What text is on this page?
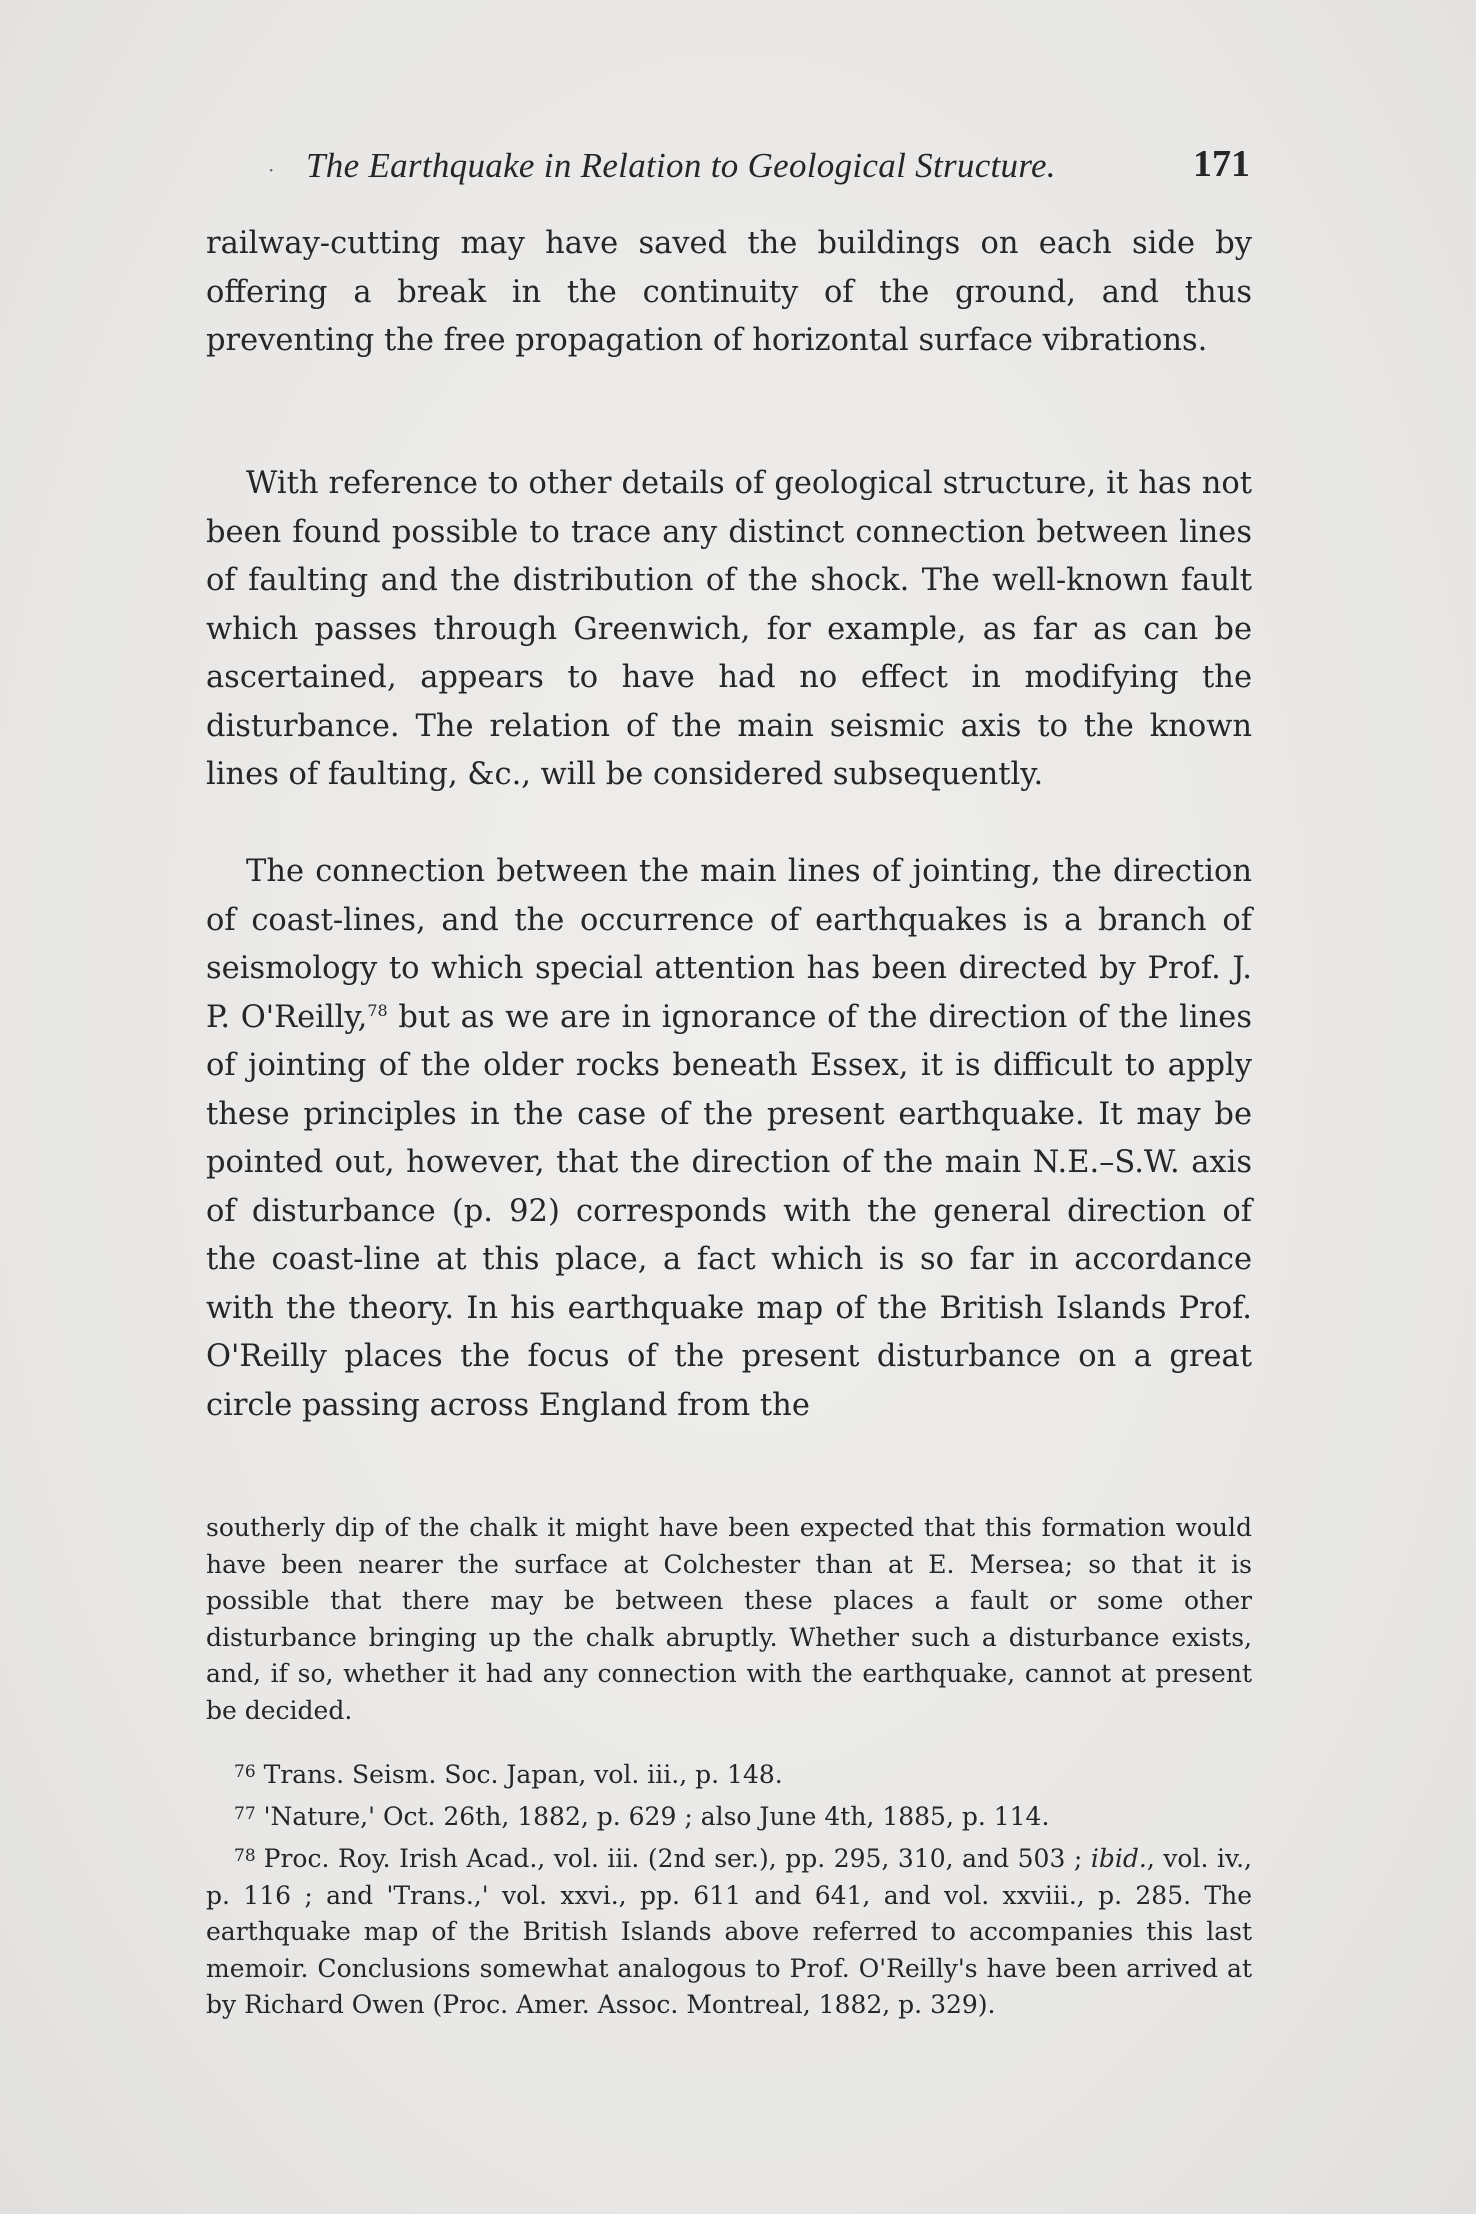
· The Earthquake in Relation to Geological Structure.	171

railway-cutting may have saved the buildings on each side by offering a break in the continuity of the ground, and thus preventing the free propagation of horizontal surface vibrations.

With reference to other details of geological structure, it has not been found possible to trace any distinct connection between lines of faulting and the distribution of the shock. The well-known fault which passes through Greenwich, for example, as far as can be ascertained, appears to have had no effect in modifying the disturbance. The relation of the main seismic axis to the known lines of faulting, &c., will be considered subsequently.

The connection between the main lines of jointing, the direction of coast-lines, and the occurrence of earthquakes is a branch of seismology to which special attention has been directed by Prof. J. P. O'Reilly,$^{78}$ but as we are in ignorance of the direction of the lines of jointing of the older rocks beneath Essex, it is difficult to apply these principles in the case of the present earthquake. It may be pointed out, however, that the direction of the main N.E.–S.W. axis of disturbance (p. 92) corresponds with the general direction of the coast-line at this place, a fact which is so far in accordance with the theory. In his earthquake map of the British Islands Prof. O'Reilly places the focus of the present disturbance on a great circle passing across England from the

southerly dip of the chalk it might have been expected that this formation would have been nearer the surface at Colchester than at E. Mersea; so that it is possible that there may be between these places a fault or some other disturbance bringing up the chalk abruptly. Whether such a disturbance exists, and, if so, whether it had any connection with the earthquake, cannot at present be decided.

$^{76}$ Trans. Seism. Soc. Japan, vol. iii., p. 148.

$^{77}$ 'Nature,' Oct. 26th, 1882, p. 629 ; also June 4th, 1885, p. 114.

$^{78}$ Proc. Roy. Irish Acad., vol. iii. (2nd ser.), pp. 295, 310, and 503 ; ibid., vol. iv., p. 116 ; and 'Trans.,' vol. xxvi., pp. 611 and 641, and vol. xxviii., p. 285. The earthquake map of the British Islands above referred to accompanies this last memoir. Conclusions somewhat analogous to Prof. O'Reilly's have been arrived at by Richard Owen (Proc. Amer. Assoc. Montreal, 1882, p. 329).
